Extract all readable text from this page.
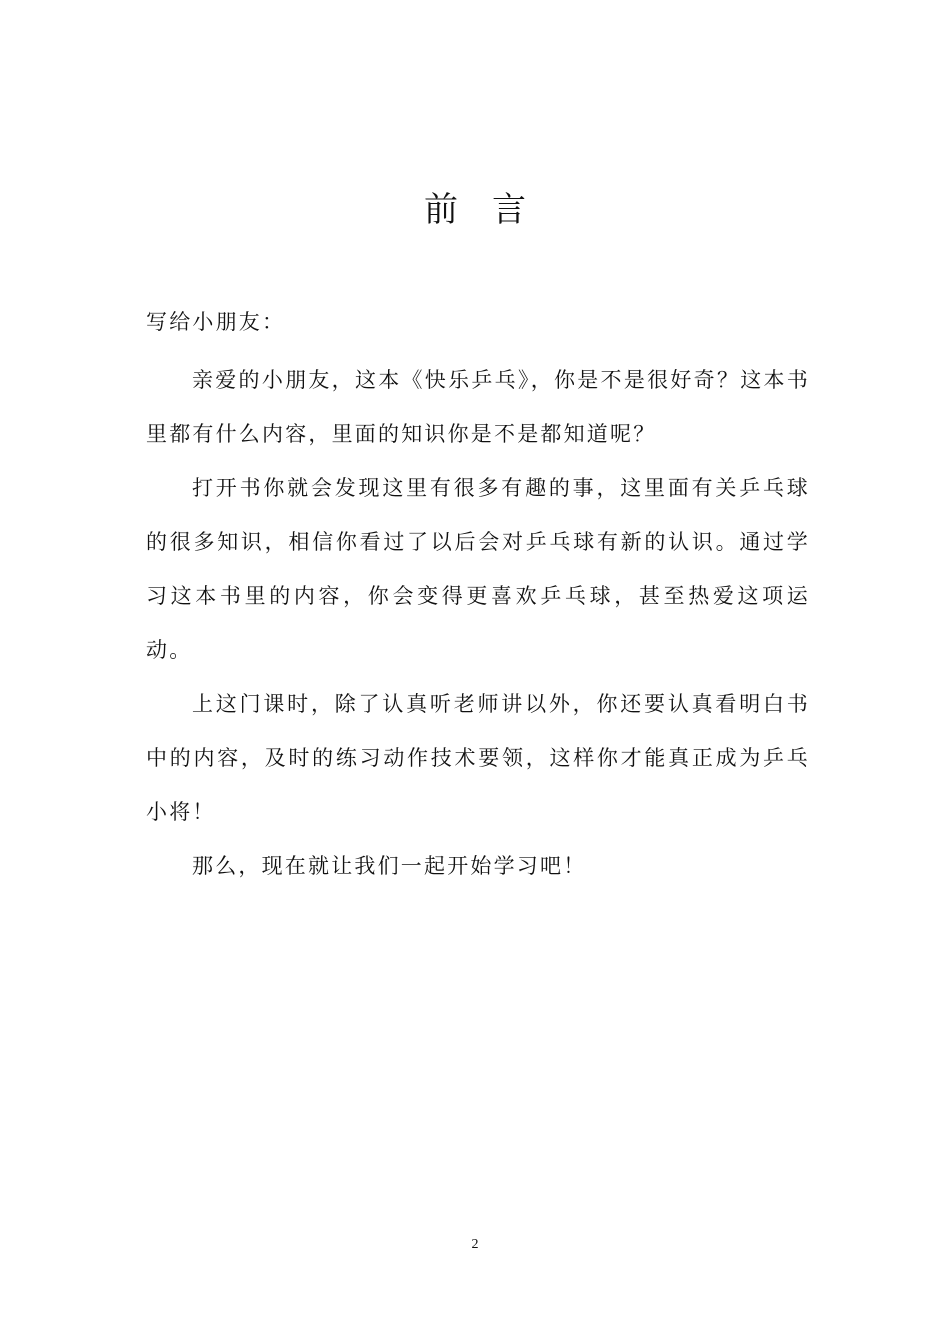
前言

写给小朋友：

亲爱的小朋友，这本《快乐乒乓》，你是不是很好奇？这本书里都有什么内容，里面的知识你是不是都知道呢？

打开书你就会发现这里有很多有趣的事，这里面有关乒乓球的很多知识，相信你看过了以后会对乒乓球有新的认识。通过学习这本书里的内容，你会变得更喜欢乒乓球，甚至热爱这项运动。

上这门课时，除了认真听老师讲以外，你还要认真看明白书中的内容，及时的练习动作技术要领，这样你才能真正成为乒乓小将！

那么，现在就让我们一起开始学习吧！

2
